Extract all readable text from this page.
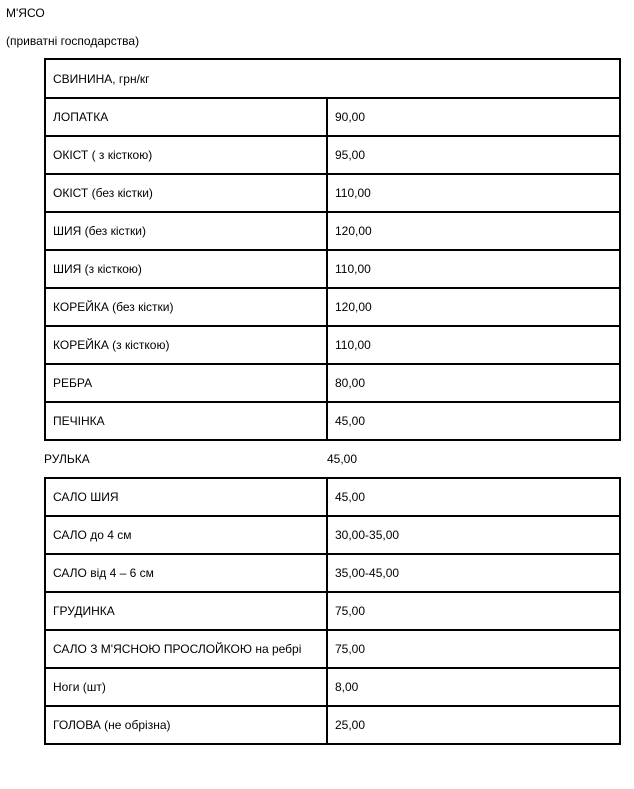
М'ЯСО

(приватні господарства)

СВИНИНА, грн/кг
ЛОПАТКА	90,00
ОКІСТ ( з кісткою)	95,00
ОКІСТ (без кістки)	110,00
ШИЯ (без кістки)	120,00
ШИЯ (з кісткою)	110,00
КОРЕЙКА (без кістки)	120,00
КОРЕЙКА (з кісткою)	110,00
РЕБРА	80,00
ПЕЧІНКА	45,00
РУЛЬКА	45,00
САЛО ШИЯ	45,00
САЛО до 4 см	30,00-35,00
САЛО від 4 – 6 см	35,00-45,00
ГРУДИНКА	75,00
САЛО З М'ЯСНОЮ ПРОСЛОЙКОЮ на ребрі	75,00
Ноги (шт)	8,00
ГОЛОВА (не обрізна)	25,00
